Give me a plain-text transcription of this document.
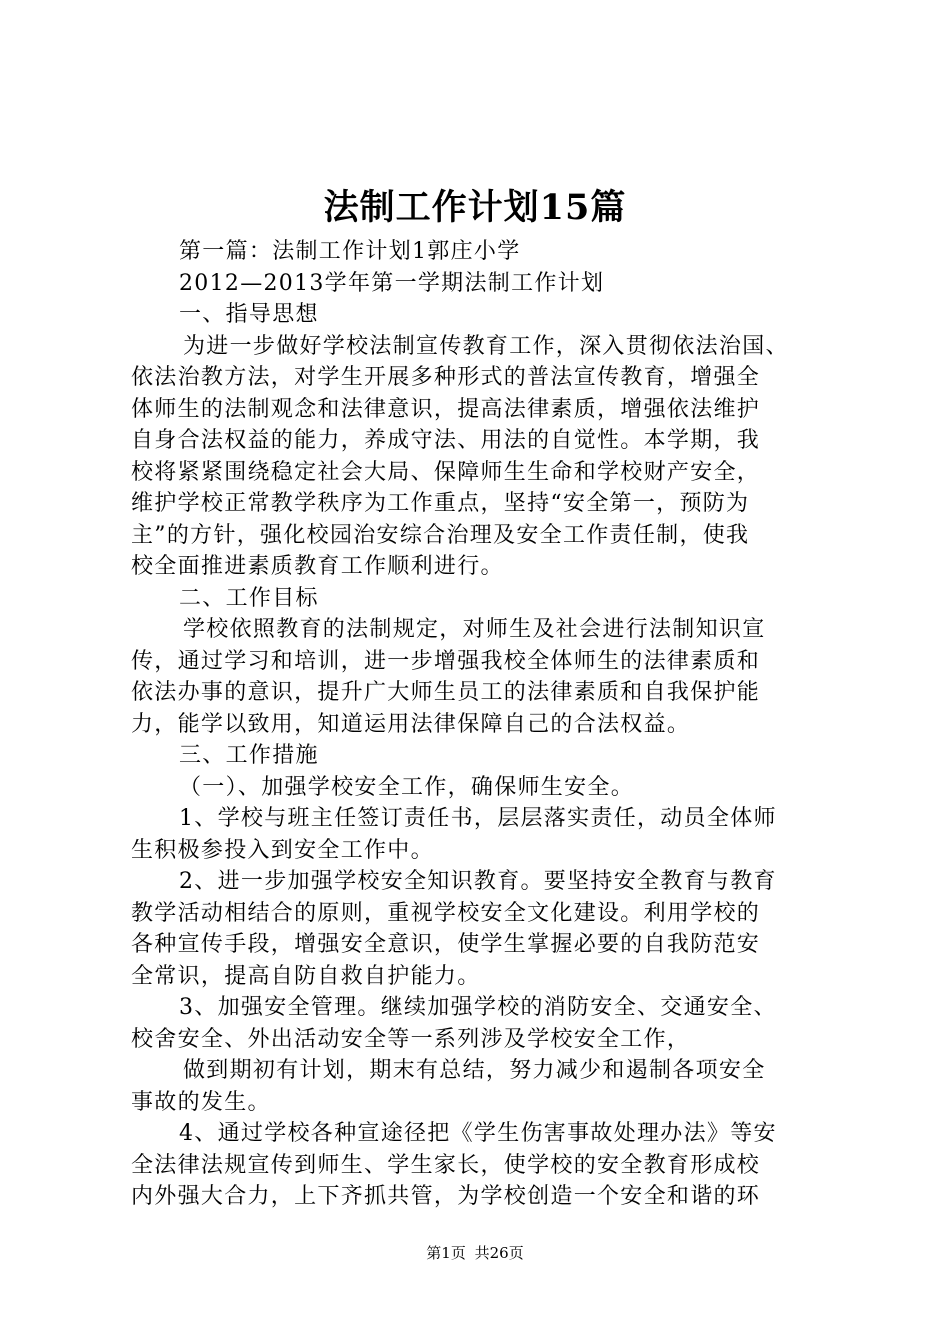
法制工作计划15篇
第一篇：法制工作计划1郭庄小学
2012—2013学年第一学期法制工作计划
一、指导思想
为进一步做好学校法制宣传教育工作，深入贯彻依法治国、
依法治教方法，对学生开展多种形式的普法宣传教育，增强全
体师生的法制观念和法律意识，提高法律素质，增强依法维护
自身合法权益的能力，养成守法、用法的自觉性。本学期，我
校将紧紧围绕稳定社会大局、保障师生生命和学校财产安全，
维护学校正常教学秩序为工作重点，坚持“安全第一，预防为
主”的方针，强化校园治安综合治理及安全工作责任制，使我
校全面推进素质教育工作顺利进行。
二、工作目标
学校依照教育的法制规定，对师生及社会进行法制知识宣
传，通过学习和培训，进一步增强我校全体师生的法律素质和
依法办事的意识，提升广大师生员工的法律素质和自我保护能
力，能学以致用，知道运用法律保障自己的合法权益。
三、工作措施
（一）、加强学校安全工作，确保师生安全。
1、学校与班主任签订责任书，层层落实责任，动员全体师
生积极参投入到安全工作中。
2、进一步加强学校安全知识教育。要坚持安全教育与教育
教学活动相结合的原则，重视学校安全文化建设。利用学校的
各种宣传手段，增强安全意识，使学生掌握必要的自我防范安
全常识，提高自防自救自护能力。
3、加强安全管理。继续加强学校的消防安全、交通安全、
校舍安全、外出活动安全等一系列涉及学校安全工作，
做到期初有计划，期末有总结，努力减少和遏制各项安全
事故的发生。
4、通过学校各种宣途径把《学生伤害事故处理办法》等安
全法律法规宣传到师生、学生家长，使学校的安全教育形成校
内外强大合力，上下齐抓共管，为学校创造一个安全和谐的环
第1页 共26页
